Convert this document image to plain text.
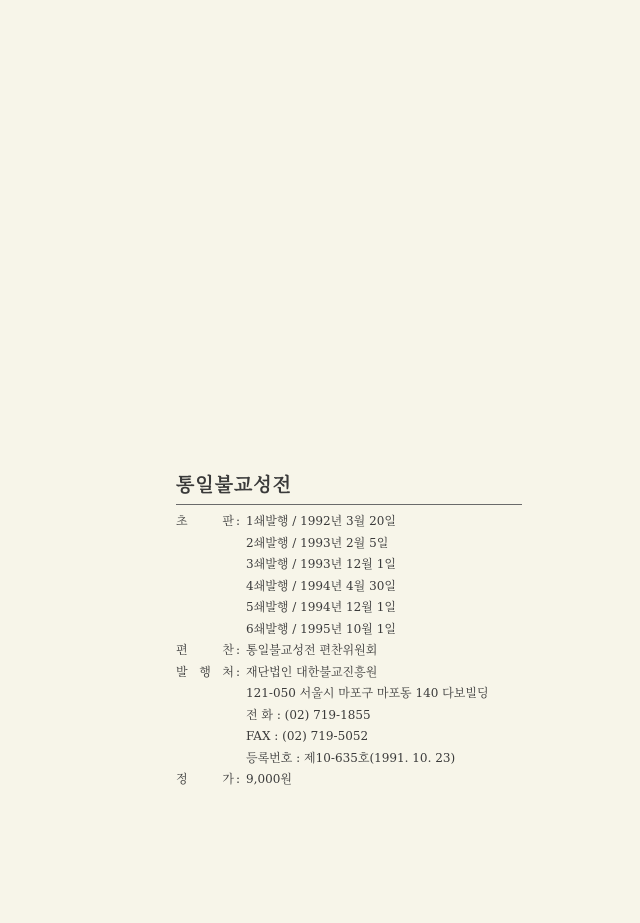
통일불교성전
초	판 : 1쇄발행 / 1992년 3월 20일
2쇄발행 / 1993년 2월 5일
3쇄발행 / 1993년 12월 1일
4쇄발행 / 1994년 4월 30일
5쇄발행 / 1994년 12월 1일
6쇄발행 / 1995년 10월 1일
편	찬 : 통일불교성전 편찬위원회
발 행 처 : 재단법인 대한불교진흥원
121-050 서울시 마포구 마포동 140 다보빌딩
전 화 : (02) 719-1855
FAX : (02) 719-5052
등록번호 : 제10-635호(1991. 10. 23)
정	가 : 9,000원
